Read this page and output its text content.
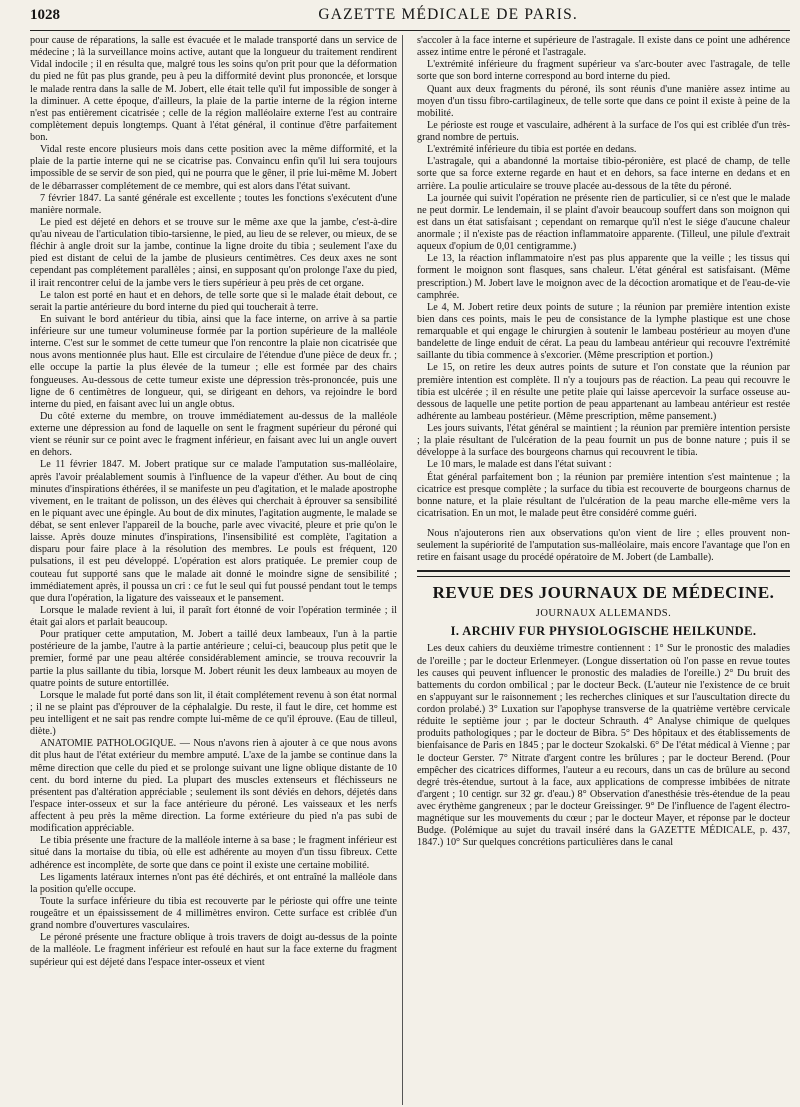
1028	GAZETTE MÉDICALE DE PARIS.

pour cause de réparations, la salle est évacuée et le malade transporté dans un service de médecine ; là la surveillance moins active, autant que la longueur du traitement rendirent Vidal indocile ; il en résulta que, malgré tous les soins qu'on prit pour que la déformation du pied ne fût pas plus grande, peu à peu la difformité devint plus prononcée, et lorsque le malade rentra dans la salle de M. Jobert, elle était telle qu'il fut impossible de songer à la diminuer. A cette époque, d'ailleurs, la plaie de la partie interne de la région interne n'est pas entièrement cicatrisée ; celle de la région malléolaire externe l'est au contraire complètement depuis longtemps. Quant à l'état général, il continue d'être parfaitement bon.

Vidal reste encore plusieurs mois dans cette position avec la même difformité, et la plaie de la partie interne qui ne se cicatrise pas. Convaincu enfin qu'il lui sera toujours impossible de se servir de son pied, qui ne pourra que le gêner, il prie lui-même M. Jobert de le débarrasser complétement de ce membre, qui est alors dans l'état suivant.

7 février 1847. La santé générale est excellente ; toutes les fonctions s'exécutent d'une manière normale.

Le pied est déjeté en dehors et se trouve sur le même axe que la jambe, c'est-à-dire qu'au niveau de l'articulation tibio-tarsienne, le pied, au lieu de se relever, ou mieux, de se fléchir à angle droit sur la jambe, continue la ligne droite du tibia ; seulement l'axe du pied est distant de celui de la jambe de plusieurs centimètres. Ces deux axes ne sont cependant pas complétement parallèles ; ainsi, en supposant qu'on prolonge l'axe du pied, il irait rencontrer celui de la jambe vers le tiers supérieur à peu près de cet organe.

Le talon est porté en haut et en dehors, de telle sorte que si le malade était debout, ce serait la partie antérieure du bord interne du pied qui toucherait à terre.

En suivant le bord antérieur du tibia, ainsi que la face interne, on arrive à sa partie inférieure sur une tumeur volumineuse formée par la portion supérieure de la malléole interne. C'est sur le sommet de cette tumeur que l'on rencontre la plaie non cicatrisée que nous avons mentionnée plus haut. Elle est circulaire de l'étendue d'une pièce de deux fr. ; elle occupe la partie la plus élevée de la tumeur ; elle est formée par des chairs fongueuses. Au-dessous de cette tumeur existe une dépression très-prononcée, puis une ligne de 6 centimètres de longueur, qui, se dirigeant en dehors, va rejoindre le bord interne du pied, en faisant avec lui un angle obtus.

Du côté externe du membre, on trouve immédiatement au-dessus de la malléole externe une dépression au fond de laquelle on sent le fragment supérieur du péroné qui vient se réunir sur ce point avec le fragment inférieur, en faisant avec lui un angle ouvert en dehors.

Le 11 février 1847. M. Jobert pratique sur ce malade l'amputation sus-malléolaire, après l'avoir préalablement soumis à l'influence de la vapeur d'éther. Au bout de cinq minutes d'inspirations éthérées, il se manifeste un peu d'agitation, et le malade apostrophe vivement, en le traitant de polisson, un des élèves qui cherchait à éprouver sa sensibilité en le piquant avec une épingle. Au bout de dix minutes, l'agitation augmente, le malade se débat, se sent enlever l'appareil de la bouche, parle avec vivacité, pleure et prie qu'on le laisse. Après douze minutes d'inspirations, l'insensibilité est complète, l'agitation a disparu pour faire place à la résolution des membres. Le pouls est fréquent, 120 pulsations, il est peu développé. L'opération est alors pratiquée. Le premier coup de couteau fut supporté sans que le malade ait donné le moindre signe de sensibilité ; immédiatement après, il poussa un cri : ce fut le seul qui fut poussé pendant tout le temps que dura l'opération, la ligature des vaisseaux et le pansement.

Lorsque le malade revient à lui, il paraît fort étonné de voir l'opération terminée ; il était gai alors et parlait beaucoup.

Pour pratiquer cette amputation, M. Jobert a taillé deux lambeaux, l'un à la partie postérieure de la jambe, l'autre à la partie antérieure ; celui-ci, beaucoup plus petit que le premier, formé par une peau altérée considérablement amincie, se trouva recouvrir la partie la plus saillante du tibia, lorsque M. Jobert réunit les deux lambeaux au moyen de quatre points de suture entortillée.

Lorsque le malade fut porté dans son lit, il était complétement revenu à son état normal ; il ne se plaint pas d'éprouver de la céphalalgie. Du reste, il faut le dire, cet homme est peu intelligent et ne sait pas rendre compte lui-même de ce qu'il éprouve. (Eau de tilleul, diète.)

ANATOMIE PATHOLOGIQUE. — Nous n'avons rien à ajouter à ce que nous avons dit plus haut de l'état extérieur du membre amputé. L'axe de la jambe se continue dans la même direction que celle du pied et se prolonge suivant une ligne oblique distante de 10 cent. du bord interne du pied. La plupart des muscles extenseurs et fléchisseurs ne présentent pas d'altération appréciable ; seulement ils sont déviés en dehors, déjetés dans l'espace inter-osseux et sur la face antérieure du péroné. Les vaisseaux et les nerfs affectent à peu près la même direction. La forme extérieure du pied n'a pas subi de modification appréciable.

Le tibia présente une fracture de la malléole interne à sa base ; le fragment inférieur est situé dans la mortaise du tibia, où elle est adhérente au moyen d'un tissu fibreux. Cette adhérence est incomplète, de sorte que dans ce point il existe une certaine mobilité.

Les ligaments latéraux internes n'ont pas été déchirés, et ont entraîné la malléole dans la position qu'elle occupe.

Toute la surface inférieure du tibia est recouverte par le périoste qui offre une teinte rougeâtre et un épaississement de 4 millimètres environ. Cette surface est criblée d'un grand nombre d'ouvertures vasculaires.

Le péroné présente une fracture oblique à trois travers de doigt au-dessus de la pointe de la malléole. Le fragment inférieur est refoulé en haut sur la face externe du fragment supérieur qui est déjeté dans l'espace inter-osseux et vient

s'accoler à la face interne et supérieure de l'astragale. Il existe dans ce point une adhérence assez intime entre le péroné et l'astragale.

L'extrémité inférieure du fragment supérieur va s'arc-bouter avec l'astragale, de telle sorte que son bord interne correspond au bord interne du pied.

Quant aux deux fragments du péroné, ils sont réunis d'une manière assez intime au moyen d'un tissu fibro-cartilagineux, de telle sorte que dans ce point il existe à peine de la mobilité.

Le périoste est rouge et vasculaire, adhérent à la surface de l'os qui est criblée d'un très-grand nombre de pertuis.

L'extrémité inférieure du tibia est portée en dedans.

L'astragale, qui a abandonné la mortaise tibio-péronière, est placé de champ, de telle sorte que sa force externe regarde en haut et en dehors, sa face interne en dedans et en arrière. La poulie articulaire se trouve placée au-dessous de la tête du péroné.

La journée qui suivit l'opération ne présente rien de particulier, si ce n'est que le malade ne peut dormir. Le lendemain, il se plaint d'avoir beaucoup souffert dans son moignon qui est dans un état satisfaisant ; cependant on remarque qu'il n'est le siége d'aucune chaleur anormale ; il n'existe pas de réaction inflammatoire apparente. (Tilleul, une pilule d'extrait aqueux d'opium de 0,01 centigramme.)

Le 13, la réaction inflammatoire n'est pas plus apparente que la veille ; les tissus qui forment le moignon sont flasques, sans chaleur. L'état général est satisfaisant. (Même prescription.) M. Jobert lave le moignon avec de la décoction aromatique et de l'eau-de-vie camphrée.

Le 4, M. Jobert retire deux points de suture ; la réunion par première intention existe bien dans ces points, mais le peu de consistance de la lymphe plastique est une chose remarquable et qui engage le chirurgien à soutenir le lambeau postérieur au moyen d'une bandelette de linge enduit de cérat. La peau du lambeau antérieur qui recouvre l'extrémité saillante du tibia commence à s'excorier. (Même prescription et portion.)

Le 15, on retire les deux autres points de suture et l'on constate que la réunion par première intention est complète. Il n'y a toujours pas de réaction. La peau qui recouvre le tibia est ulcérée ; il en résulte une petite plaie qui laisse apercevoir la surface osseuse au-dessous de laquelle une petite portion de peau appartenant au lambeau antérieur est restée adhérente au lambeau postérieur. (Même prescription, même pansement.)

Les jours suivants, l'état général se maintient ; la réunion par première intention persiste ; la plaie résultant de l'ulcération de la peau fournit un pus de bonne nature ; puis il se développe à la surface des bourgeons charnus qui recouvrent le tibia.

Le 10 mars, le malade est dans l'état suivant :

État général parfaitement bon ; la réunion par première intention s'est maintenue ; la cicatrice est presque complète ; la surface du tibia est recouverte de bourgeons charnus de bonne nature, et la plaie résultant de l'ulcération de la peau marche elle-même vers la cicatrisation. En un mot, le malade peut être considéré comme guéri.

Nous n'ajouterons rien aux observations qu'on vient de lire ; elles prouvent non-seulement la supériorité de l'amputation sus-malléolaire, mais encore l'avantage que l'on en retire en faisant usage du procédé opératoire de M. Jobert (de Lamballe).

REVUE DES JOURNAUX DE MÉDECINE.
JOURNAUX ALLEMANDS.
I. ARCHIV FUR PHYSIOLOGISCHE HEILKUNDE.

Les deux cahiers du deuxième trimestre contiennent : 1° Sur le pronostic des maladies de l'oreille ; par le docteur Erlenmeyer. (Longue dissertation où l'on passe en revue toutes les causes qui peuvent influencer le pronostic des maladies de l'oreille.) 2° Du bruit des battements du cordon ombilical ; par le docteur Beck. (L'auteur nie l'existence de ce bruit en s'appuyant sur le raisonnement ; les recherches cliniques et sur l'auscultation directe du cordon prolabé.) 3° Luxation sur l'apophyse transverse de la quatrième vertèbre cervicale réduite le septième jour ; par le docteur Schrauth. 4° Analyse chimique de quelques produits pathologiques ; par le docteur de Bibra. 5° Des hôpitaux et des établissements de bienfaisance de Paris en 1845 ; par le docteur Szokalski. 6° De l'état médical à Vienne ; par le docteur Gerster. 7° Nitrate d'argent contre les brûlures ; par le docteur Berend. (Pour empêcher des cicatrices difformes, l'auteur a eu recours, dans un cas de brûlure au second degré très-étendue, surtout à la face, aux applications de compresse imbibées de nitrate d'argent ; 10 centigr. sur 32 gr. d'eau.) 8° Observation d'anesthésie très-étendue de la peau avec érythème gangreneux ; par le docteur Greissinger. 9° De l'influence de l'agent électro-magnétique sur les mouvements du cœur ; par le docteur Mayer, et réponse par le docteur Budge. (Polémique au sujet du travail inséré dans la GAZETTE MÉDICALE, p. 437, 1847.) 10° Sur quelques concrétions particulières dans le canal
